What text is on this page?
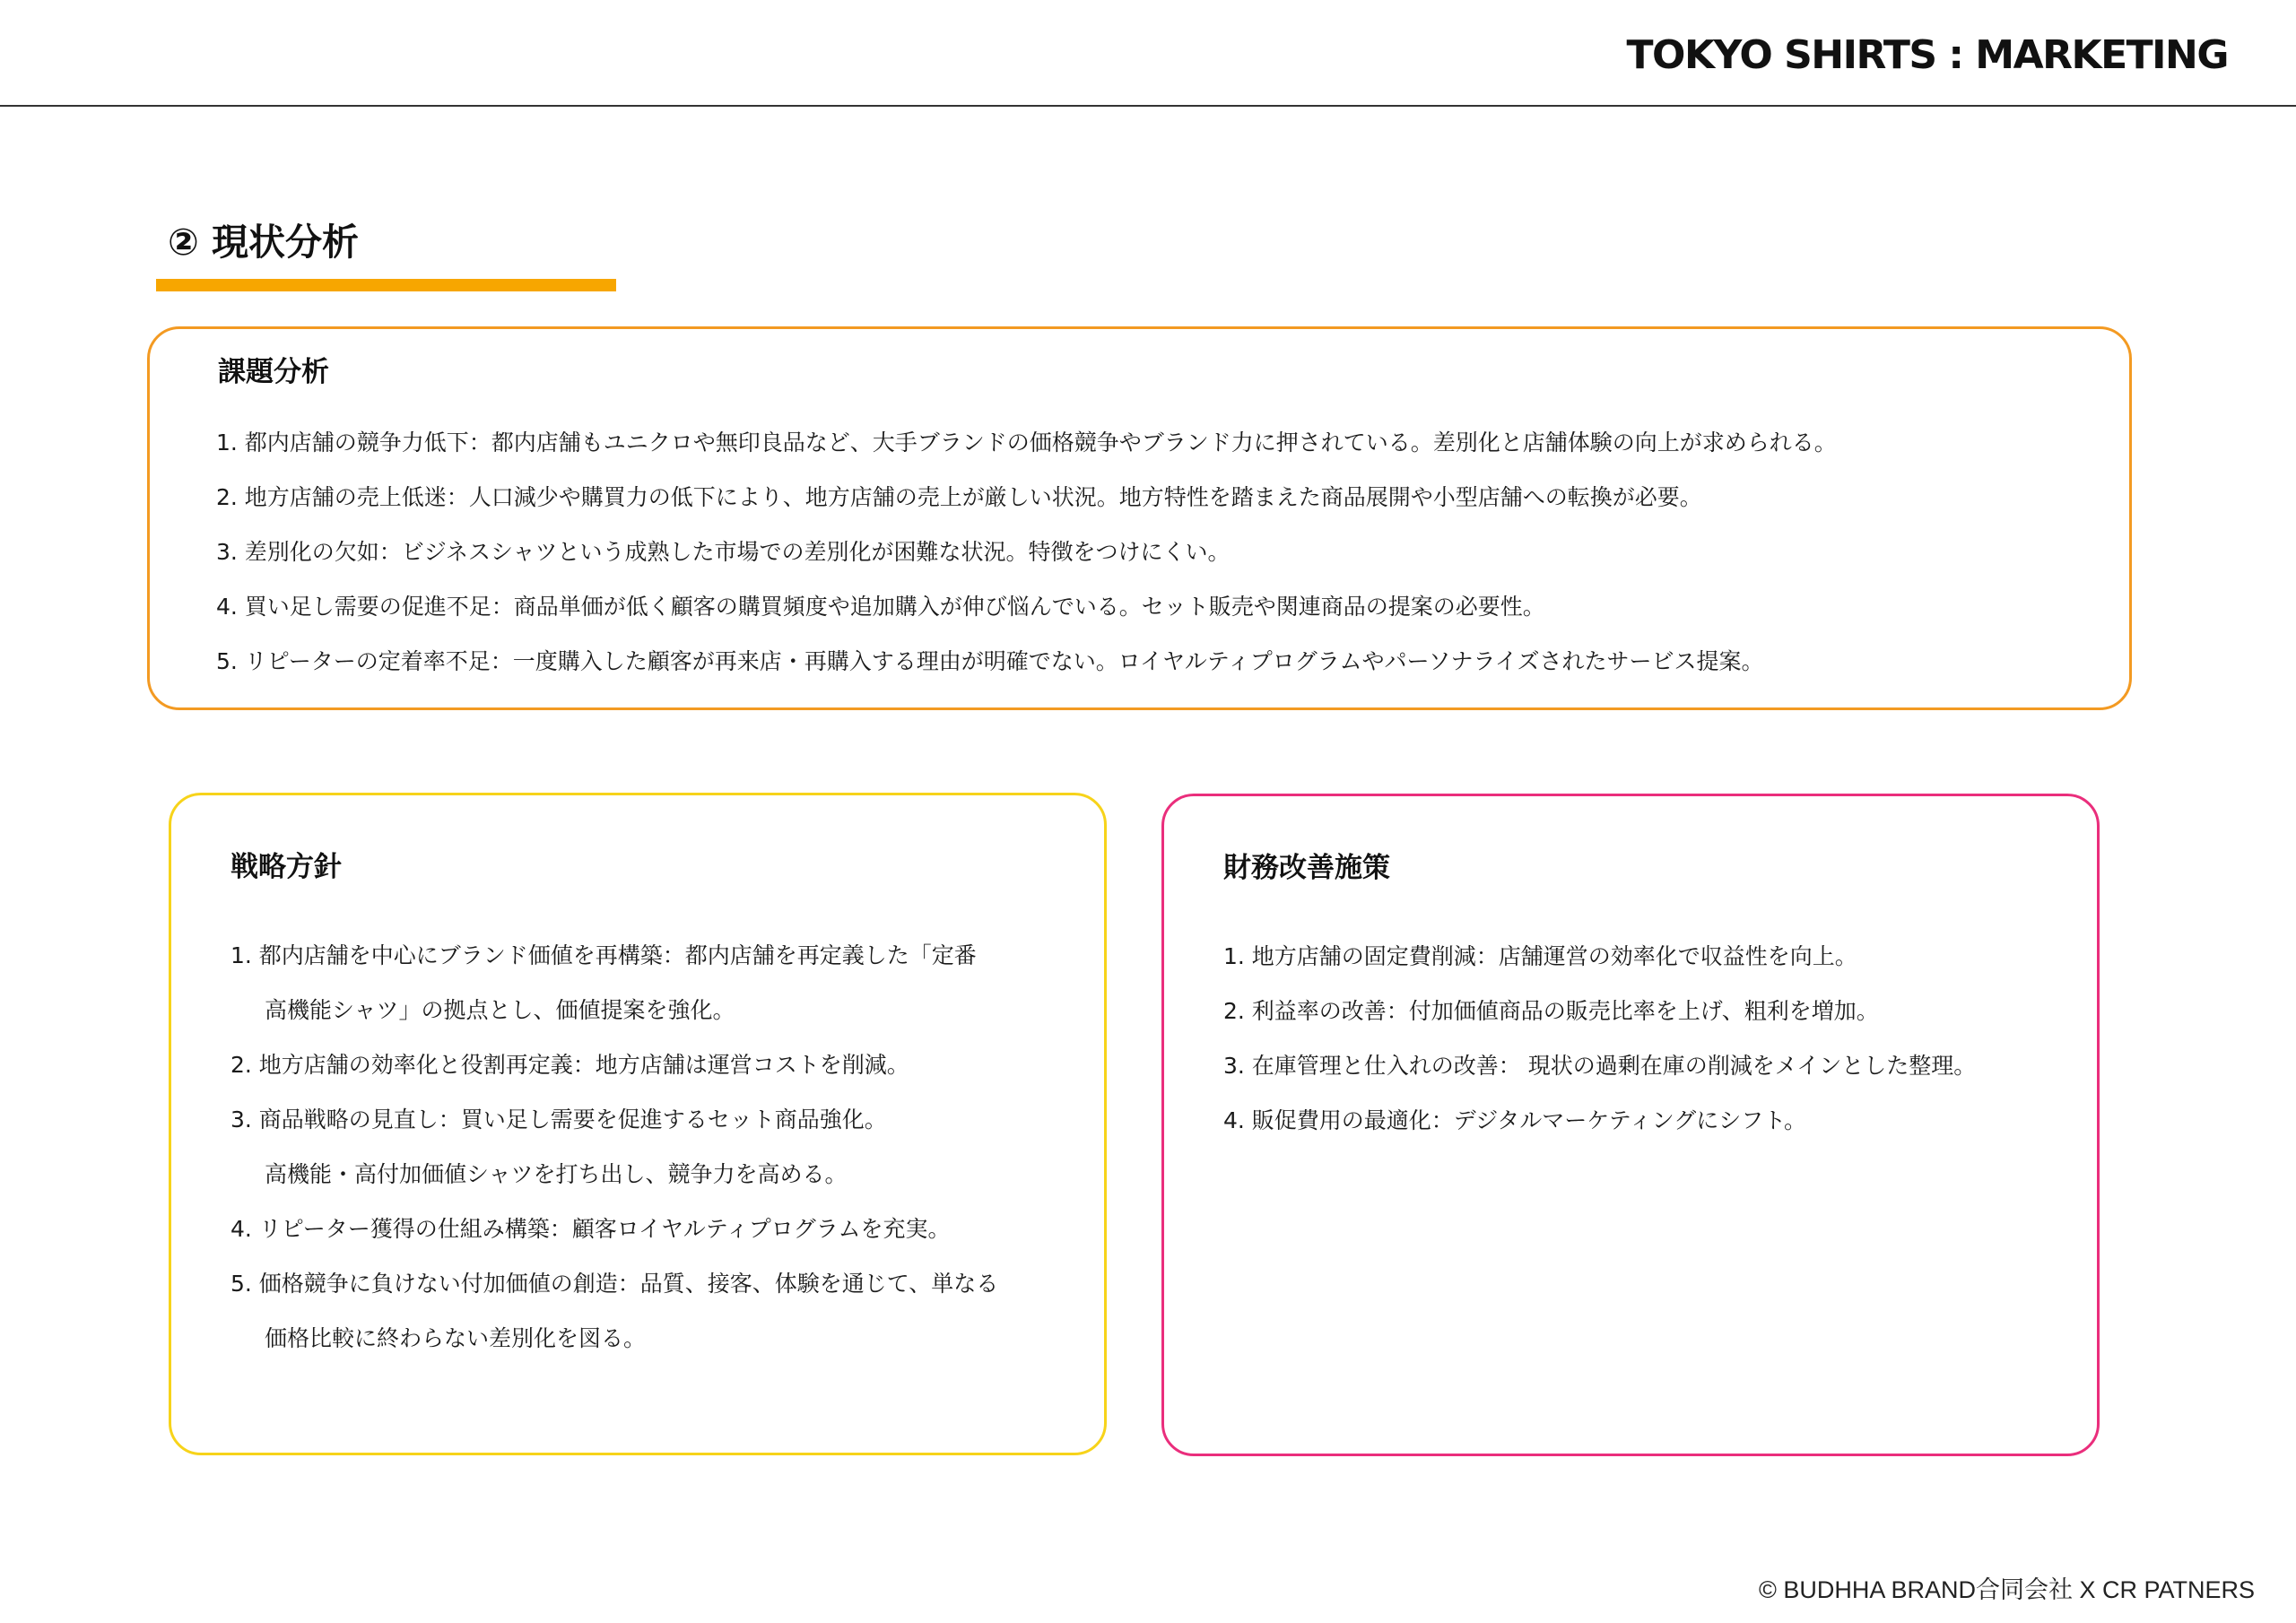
TOKYO SHIRTS : MARKETING
② 現状分析
課題分析
1. 都内店舗の競争力低下：都内店舗もユニクロや無印良品など、大手ブランドの価格競争やブランド力に押されている。差別化と店舗体験の向上が求められる。
2. 地方店舗の売上低迷：人口減少や購買力の低下により、地方店舗の売上が厳しい状況。地方特性を踏まえた商品展開や小型店舗への転換が必要。
3. 差別化の欠如：ビジネスシャツという成熟した市場での差別化が困難な状況。特徴をつけにくい。
4. 買い足し需要の促進不足：商品単価が低く顧客の購買頻度や追加購入が伸び悩んでいる。セット販売や関連商品の提案の必要性。
5. リピーターの定着率不足：一度購入した顧客が再来店・再購入する理由が明確でない。ロイヤルティプログラムやパーソナライズされたサービス提案。
戦略方針
1. 都内店舗を中心にブランド価値を再構築：都内店舗を再定義した「定番
高機能シャツ」の拠点とし、価値提案を強化。
2. 地方店舗の効率化と役割再定義：地方店舗は運営コストを削減。
3. 商品戦略の見直し：買い足し需要を促進するセット商品強化。
高機能・高付加価値シャツを打ち出し、競争力を高める。
4. リピーター獲得の仕組み構築：顧客ロイヤルティプログラムを充実。
5. 価格競争に負けない付加価値の創造：品質、接客、体験を通じて、単なる
価格比較に終わらない差別化を図る。
財務改善施策
1. 地方店舗の固定費削減：店舗運営の効率化で収益性を向上。
2. 利益率の改善：付加価値商品の販売比率を上げ、粗利を増加。
3. 在庫管理と仕入れの改善： 現状の過剰在庫の削減をメインとした整理。
4. 販促費用の最適化：デジタルマーケティングにシフト。
© BUDHHA BRAND合同会社 X CR PATNERS
